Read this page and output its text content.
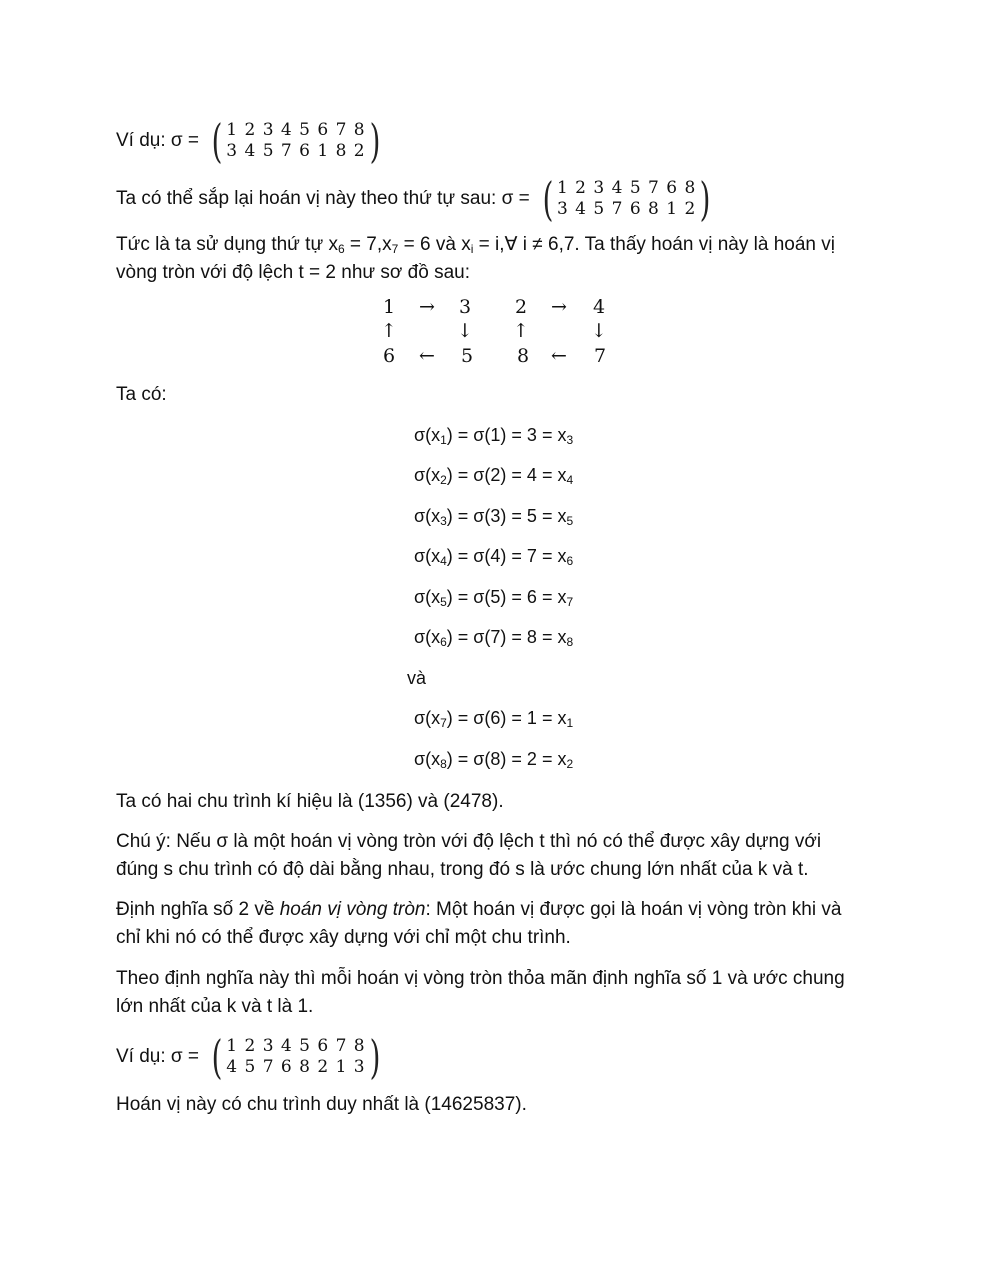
Ví dụ: σ = ( 1 2 3 4 5 6 7 8
3 4 5 7 6 1 8 2 )
Ta có thể sắp lại hoán vị này theo thứ tự sau: σ = ( 1 2 3 4 5 7 6 8
3 4 5 7 6 8 1 2 )
Tức là ta sử dụng thứ tự $x_6 = 7,x_7 = 6$ và $x_i$ = i,∀ i ≠ 6,7. Ta thấy hoán vị này là hoán vị
vòng tròn với độ lệch t = 2 như sơ đồ sau:
1 → 3
↑	↓
6 ← 5
2 → 4
↑	↓
8 ← 7
Ta có:
$\sigma(x_1) = \sigma(1) = 3 = x_3$
$\sigma(x_2) = \sigma(2) = 4 = x_4$
$\sigma(x_3) = \sigma(3) = 5 = x_5$
$\sigma(x_4) = \sigma(4) = 7 = x_6$
$\sigma(x_5) = \sigma(5) = 6 = x_7$
$\sigma(x_6) = \sigma(7) = 8 = x_8$
và
$\sigma(x_7) = \sigma(6) = 1 = x_1$
$\sigma(x_8) = \sigma(8) = 2 = x_2$
Ta có hai chu trình kí hiệu là (1356) và (2478).
Chú ý: Nếu σ là một hoán vị vòng tròn với độ lệch t thì nó có thể được xây dựng với
đúng s chu trình có độ dài bằng nhau, trong đó s là ước chung lớn nhất của k và t.
Định nghĩa số 2 về hoán vị vòng tròn: Một hoán vị được gọi là hoán vị vòng tròn khi và
chỉ khi nó có thể được xây dựng với chỉ một chu trình.
Theo định nghĩa này thì mỗi hoán vị vòng tròn thỏa mãn định nghĩa số 1 và ước chung
lớn nhất của k và t là 1.
Ví dụ: σ = ( 1 2 3 4 5 6 7 8
4 5 7 6 8 2 1 3 )
Hoán vị này có chu trình duy nhất là (14625837).
